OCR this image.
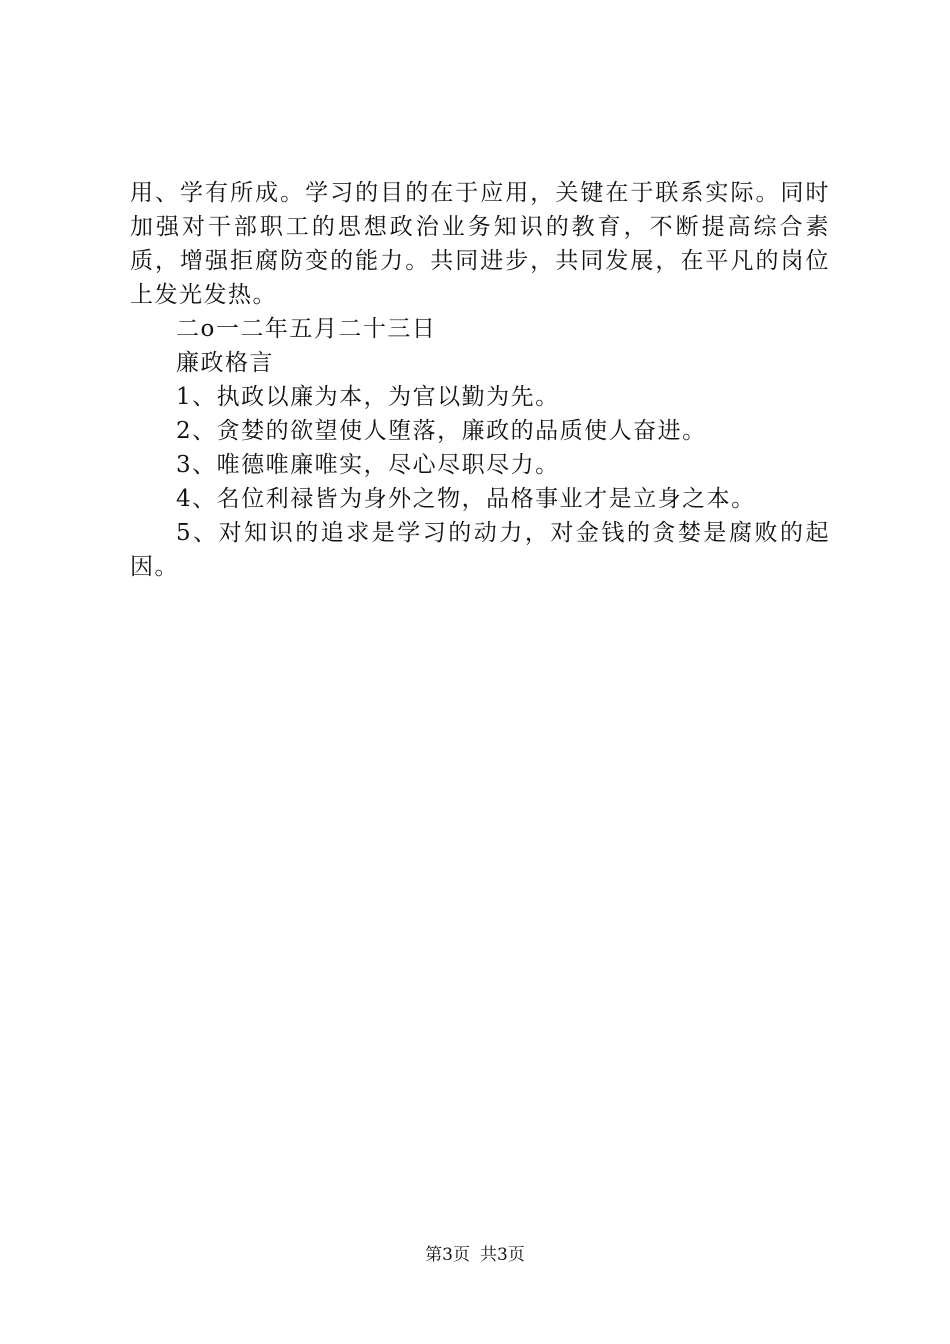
用、学有所成。学习的目的在于应用，关键在于联系实际。同时加强对干部职工的思想政治业务知识的教育，不断提高综合素质，增强拒腐防变的能力。共同进步，共同发展，在平凡的岗位上发光发热。

二o一二年五月二十三日

廉政格言

1、执政以廉为本，为官以勤为先。

2、贪婪的欲望使人堕落，廉政的品质使人奋进。

3、唯德唯廉唯实，尽心尽职尽力。

4、名位利禄皆为身外之物，品格事业才是立身之本。

5、对知识的追求是学习的动力，对金钱的贪婪是腐败的起因。

第3页 共3页
